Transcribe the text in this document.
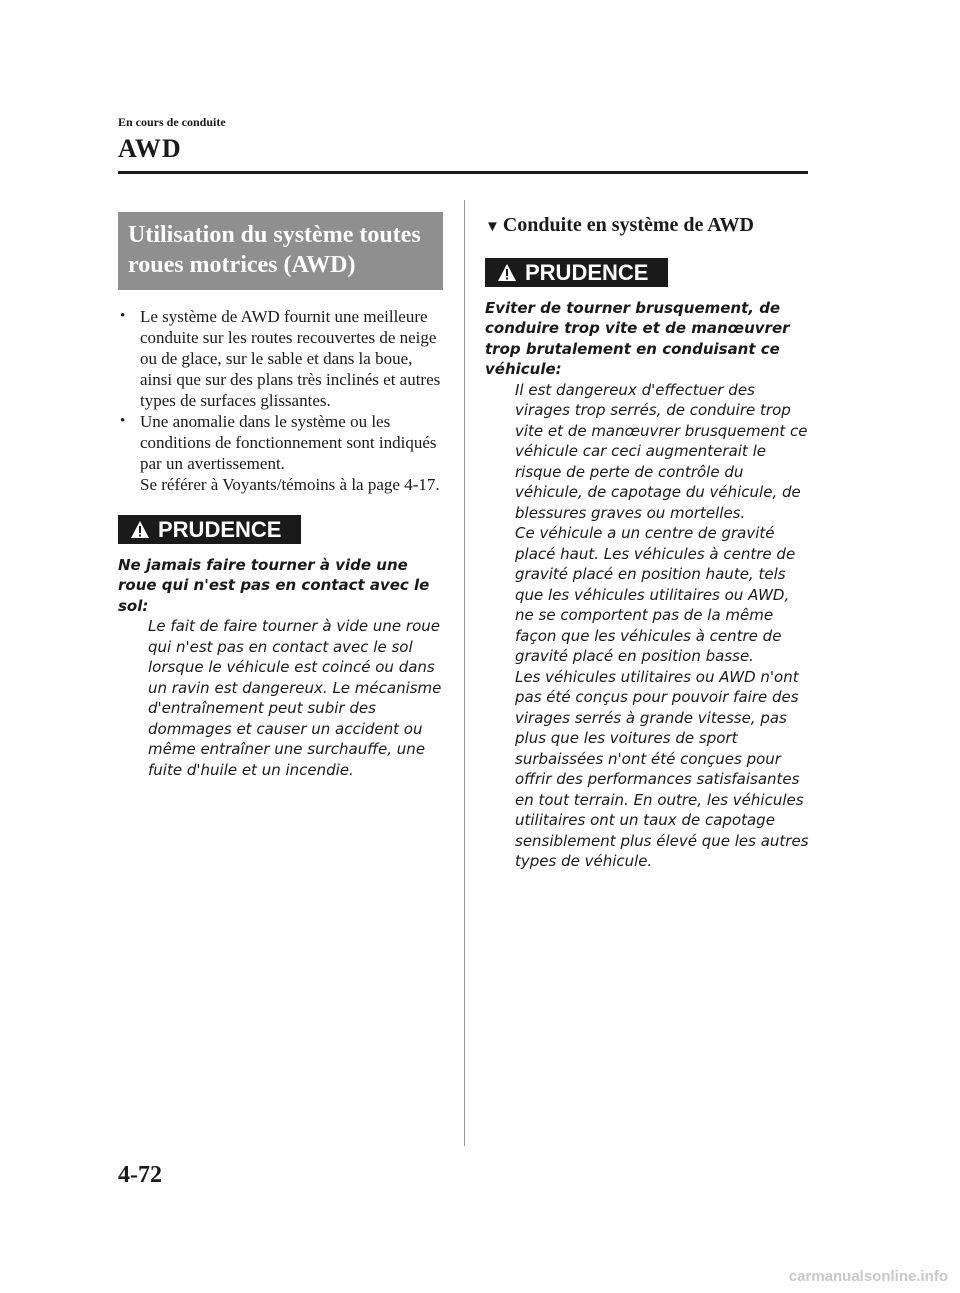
En cours de conduite
AWD
Utilisation du système toutes roues motrices (AWD)
• Le système de AWD fournit une meilleure conduite sur les routes recouvertes de neige ou de glace, sur le sable et dans la boue, ainsi que sur des plans très inclinés et autres types de surfaces glissantes.
• Une anomalie dans le système ou les conditions de fonctionnement sont indiqués par un avertissement.
Se référer à Voyants/témoins à la page 4-17.
PRUDENCE
Ne jamais faire tourner à vide une roue qui n'est pas en contact avec le sol:
Le fait de faire tourner à vide une roue qui n'est pas en contact avec le sol lorsque le véhicule est coincé ou dans un ravin est dangereux. Le mécanisme d'entraînement peut subir des dommages et causer un accident ou même entraîner une surchauffe, une fuite d'huile et un incendie.
▼ Conduite en système de AWD
PRUDENCE
Eviter de tourner brusquement, de conduire trop vite et de manœuvrer trop brutalement en conduisant ce véhicule:
Il est dangereux d'effectuer des virages trop serrés, de conduire trop vite et de manœuvrer brusquement ce véhicule car ceci augmenterait le risque de perte de contrôle du véhicule, de capotage du véhicule, de blessures graves ou mortelles.
Ce véhicule a un centre de gravité placé haut. Les véhicules à centre de gravité placé en position haute, tels que les véhicules utilitaires ou AWD, ne se comportent pas de la même façon que les véhicules à centre de gravité placé en position basse.
Les véhicules utilitaires ou AWD n'ont pas été conçus pour pouvoir faire des virages serrés à grande vitesse, pas plus que les voitures de sport surbaissées n'ont été conçues pour offrir des performances satisfaisantes en tout terrain. En outre, les véhicules utilitaires ont un taux de capotage sensiblement plus élevé que les autres types de véhicule.
4-72
carmanualsonline.info
